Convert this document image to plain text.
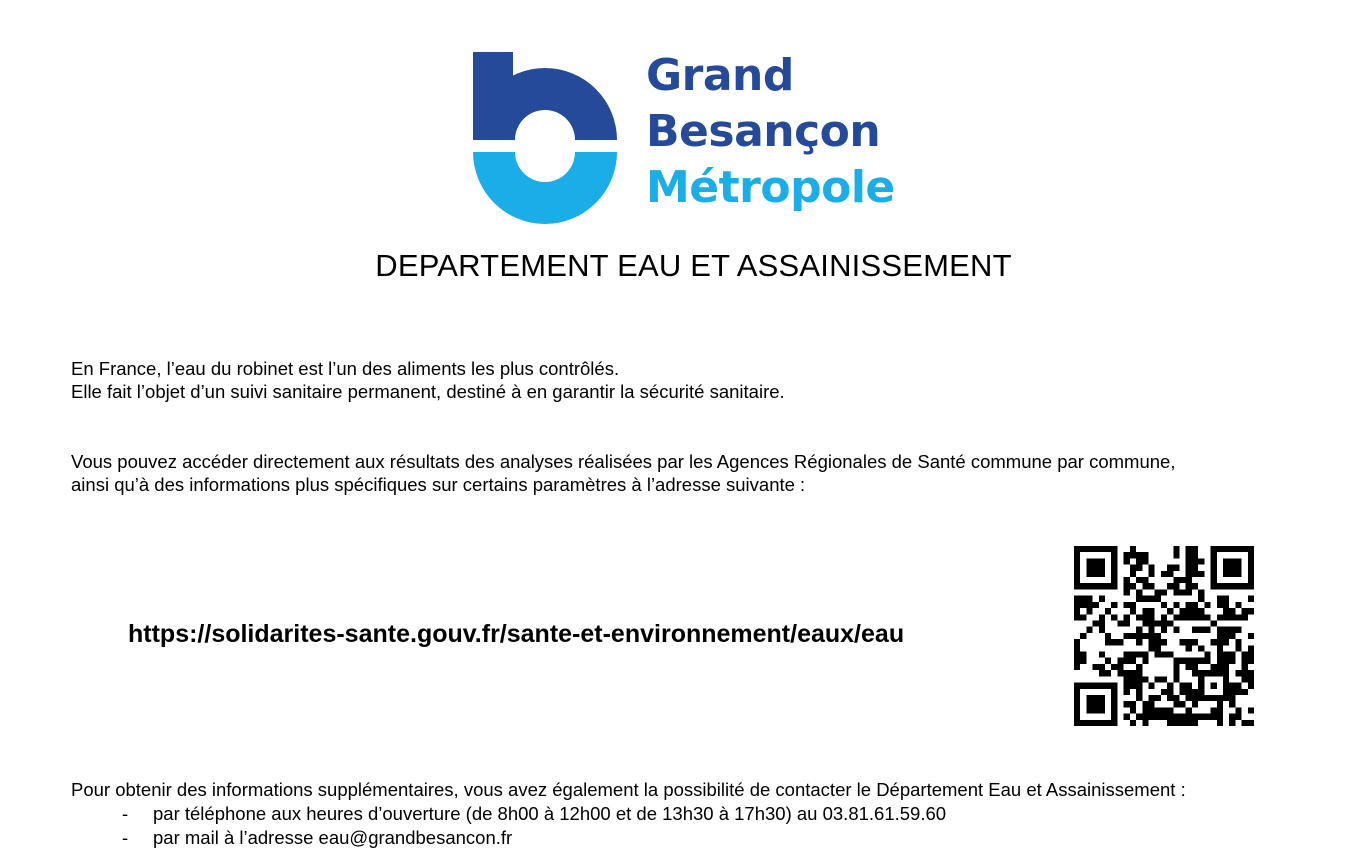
Grand
Besançon
Métropole
DEPARTEMENT EAU ET ASSAINISSEMENT
En France, l’eau du robinet est l’un des aliments les plus contrôlés.
Elle fait l’objet d’un suivi sanitaire permanent, destiné à en garantir la sécurité sanitaire.
Vous pouvez accéder directement aux résultats des analyses réalisées par les Agences Régionales de Santé commune par commune,
ainsi qu’à des informations plus spécifiques sur certains paramètres à l’adresse suivante :
https://solidarites-sante.gouv.fr/sante-et-environnement/eaux/eau
Pour obtenir des informations supplémentaires, vous avez également la possibilité de contacter le Département Eau et Assainissement :
-	par téléphone aux heures d’ouverture (de 8h00 à 12h00 et de 13h30 à 17h30) au 03.81.61.59.60
-	par mail à l’adresse eau@grandbesancon.fr
